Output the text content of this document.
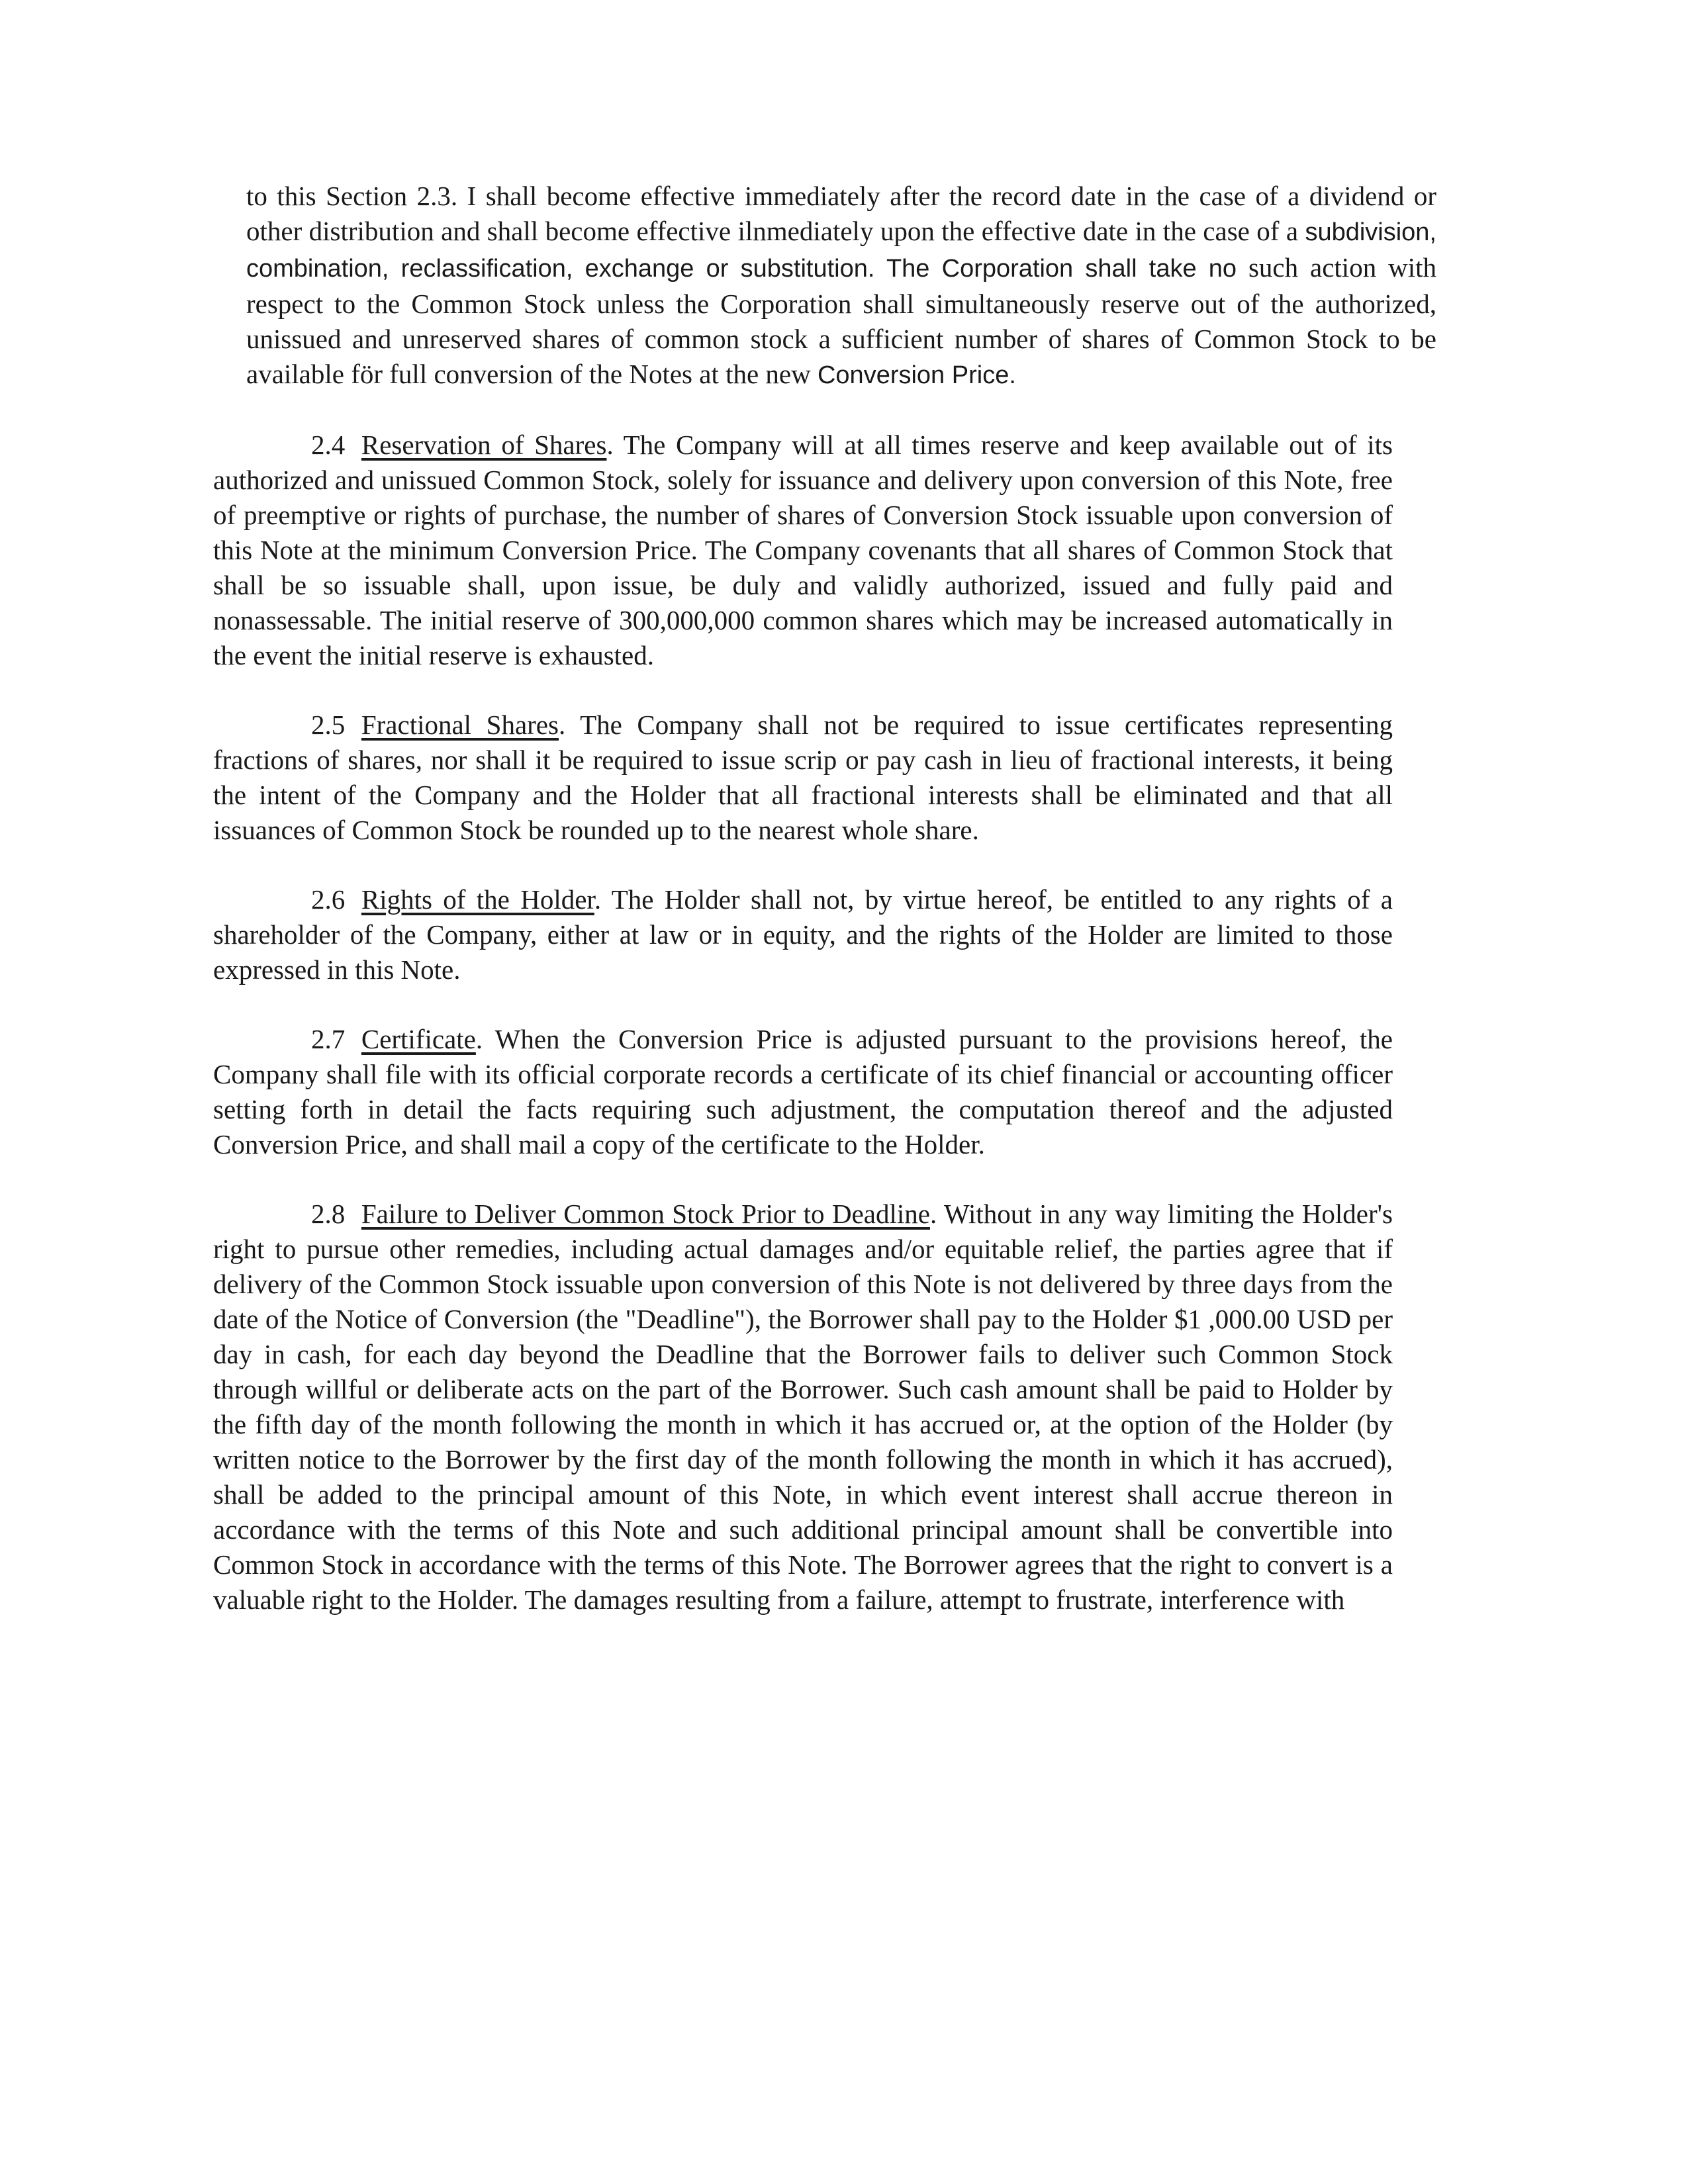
to this Section 2.3. I shall become effective immediately after the record date in the case of a dividend or other distribution and shall become effective ilnmediately upon the effective date in the case of a subdivision, combination, reclassification, exchange or substitution. The Corporation shall take no such action with respect to the Common Stock unless the Corporation shall simultaneously reserve out of the authorized, unissued and unreserved shares of common stock a sufficient number of shares of Common Stock to be available för full conversion of the Notes at the new Conversion Price.

2.4 Reservation of Shares. The Company will at all times reserve and keep available out of its authorized and unissued Common Stock, solely for issuance and delivery upon conversion of this Note, free of preemptive or rights of purchase, the number of shares of Conversion Stock issuable upon conversion of this Note at the minimum Conversion Price. The Company covenants that all shares of Common Stock that shall be so issuable shall, upon issue, be duly and validly authorized, issued and fully paid and nonassessable. The initial reserve of 300,000,000 common shares which may be increased automatically in the event the initial reserve is exhausted.

2.5 Fractional Shares. The Company shall not be required to issue certificates representing fractions of shares, nor shall it be required to issue scrip or pay cash in lieu of fractional interests, it being the intent of the Company and the Holder that all fractional interests shall be eliminated and that all issuances of Common Stock be rounded up to the nearest whole share.

2.6 Rights of the Holder. The Holder shall not, by virtue hereof, be entitled to any rights of a shareholder of the Company, either at law or in equity, and the rights of the Holder are limited to those expressed in this Note.

2.7 Certificate. When the Conversion Price is adjusted pursuant to the provisions hereof, the Company shall file with its official corporate records a certificate of its chief financial or accounting officer setting forth in detail the facts requiring such adjustment, the computation thereof and the adjusted Conversion Price, and shall mail a copy of the certificate to the Holder.

2.8 Failure to Deliver Common Stock Prior to Deadline. Without in any way limiting the Holder's right to pursue other remedies, including actual damages and/or equitable relief, the parties agree that if delivery of the Common Stock issuable upon conversion of this Note is not delivered by three days from the date of the Notice of Conversion (the "Deadline"), the Borrower shall pay to the Holder $1 ,000.00 USD per day in cash, for each day beyond the Deadline that the Borrower fails to deliver such Common Stock through willful or deliberate acts on the part of the Borrower. Such cash amount shall be paid to Holder by the fifth day of the month following the month in which it has accrued or, at the option of the Holder (by written notice to the Borrower by the first day of the month following the month in which it has accrued), shall be added to the principal amount of this Note, in which event interest shall accrue thereon in accordance with the terms of this Note and such additional principal amount shall be convertible into Common Stock in accordance with the terms of this Note. The Borrower agrees that the right to convert is a valuable right to the Holder. The damages resulting from a failure, attempt to frustrate, interference with
